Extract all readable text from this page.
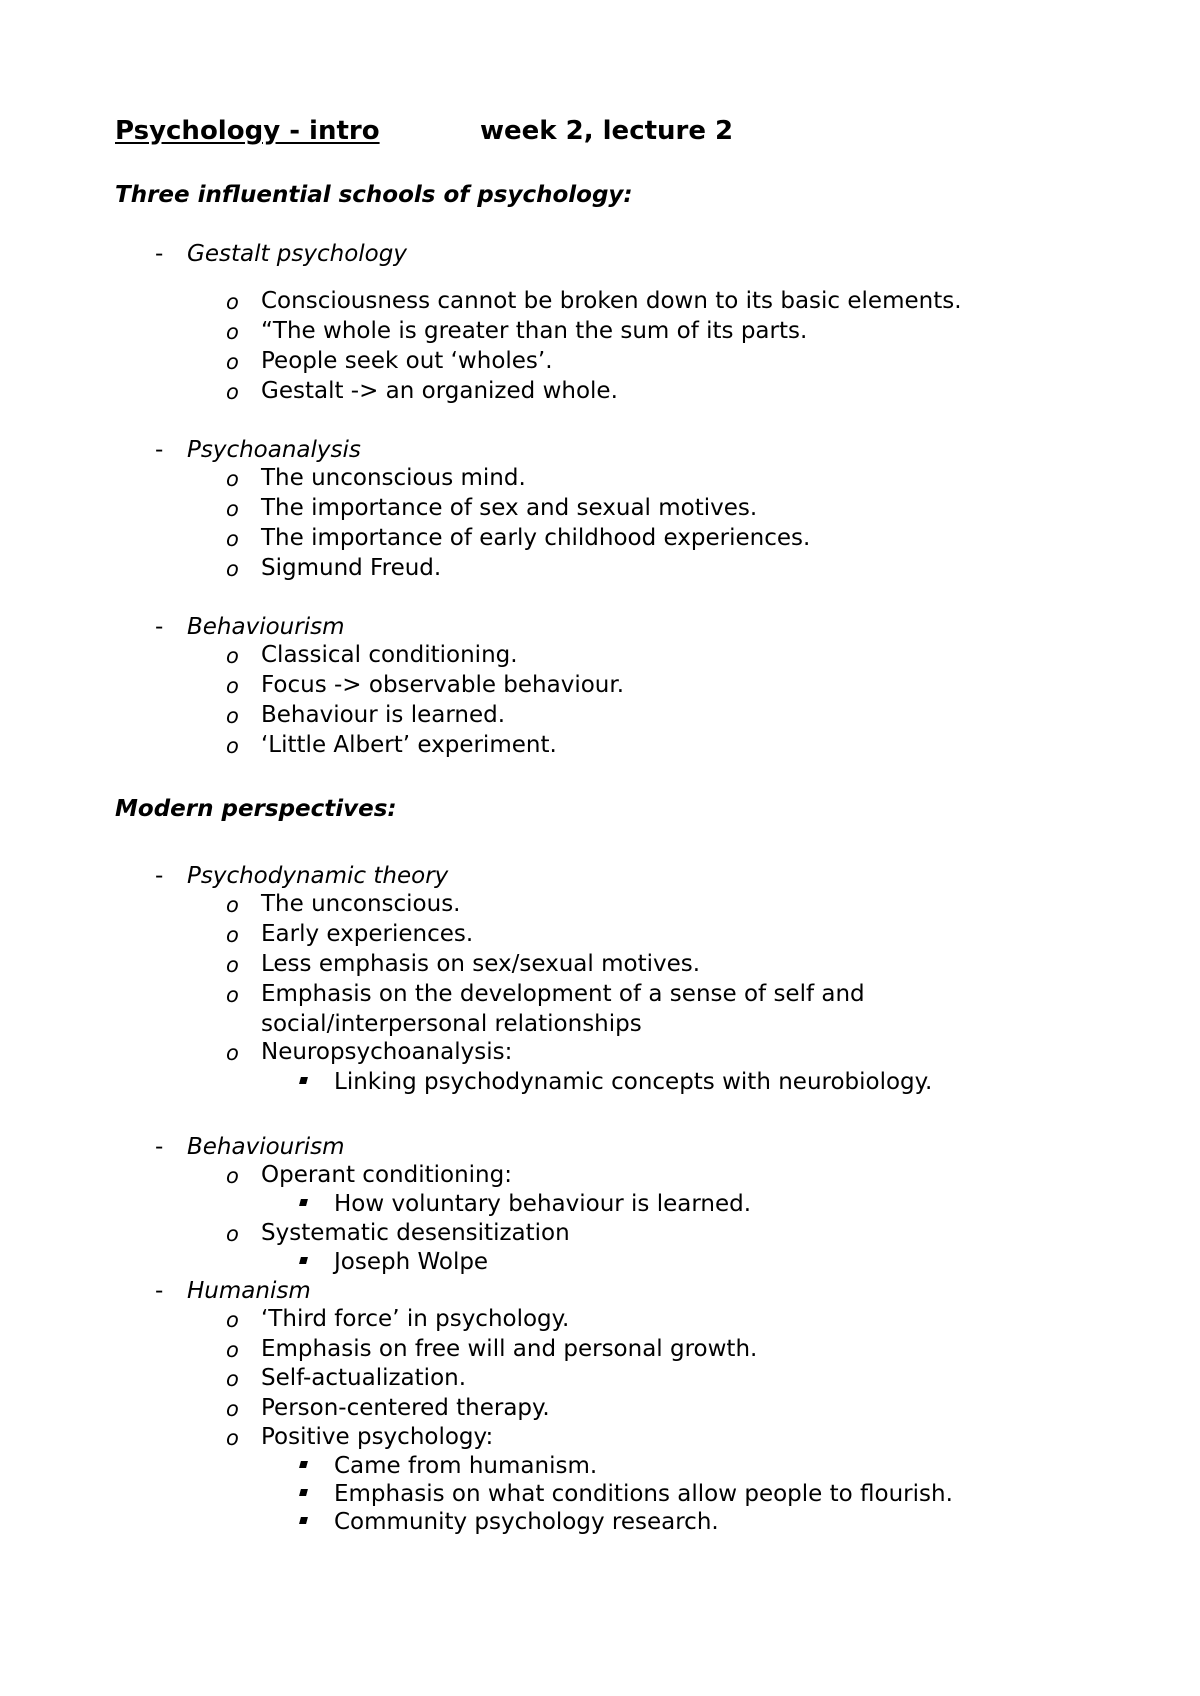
Psychology - intro	week 2, lecture 2
Three influential schools of psychology:
- Gestalt psychology
o Consciousness cannot be broken down to its basic elements.
o “The whole is greater than the sum of its parts.
o People seek out ‘wholes’.
o Gestalt -> an organized whole.
- Psychoanalysis
o The unconscious mind.
o The importance of sex and sexual motives.
o The importance of early childhood experiences.
o Sigmund Freud.
- Behaviourism
o Classical conditioning.
o Focus -> observable behaviour.
o Behaviour is learned.
o ‘Little Albert’ experiment.
Modern perspectives:
- Psychodynamic theory
o The unconscious.
o Early experiences.
o Less emphasis on sex/sexual motives.
o Emphasis on the development of a sense of self and
social/interpersonal relationships
o Neuropsychoanalysis:
Linking psychodynamic concepts with neurobiology.
- Behaviourism
o Operant conditioning:
How voluntary behaviour is learned.
o Systematic desensitization
Joseph Wolpe
- Humanism
o ‘Third force’ in psychology.
o Emphasis on free will and personal growth.
o Self-actualization.
o Person-centered therapy.
o Positive psychology:
Came from humanism.
Emphasis on what conditions allow people to flourish.
Community psychology research.
